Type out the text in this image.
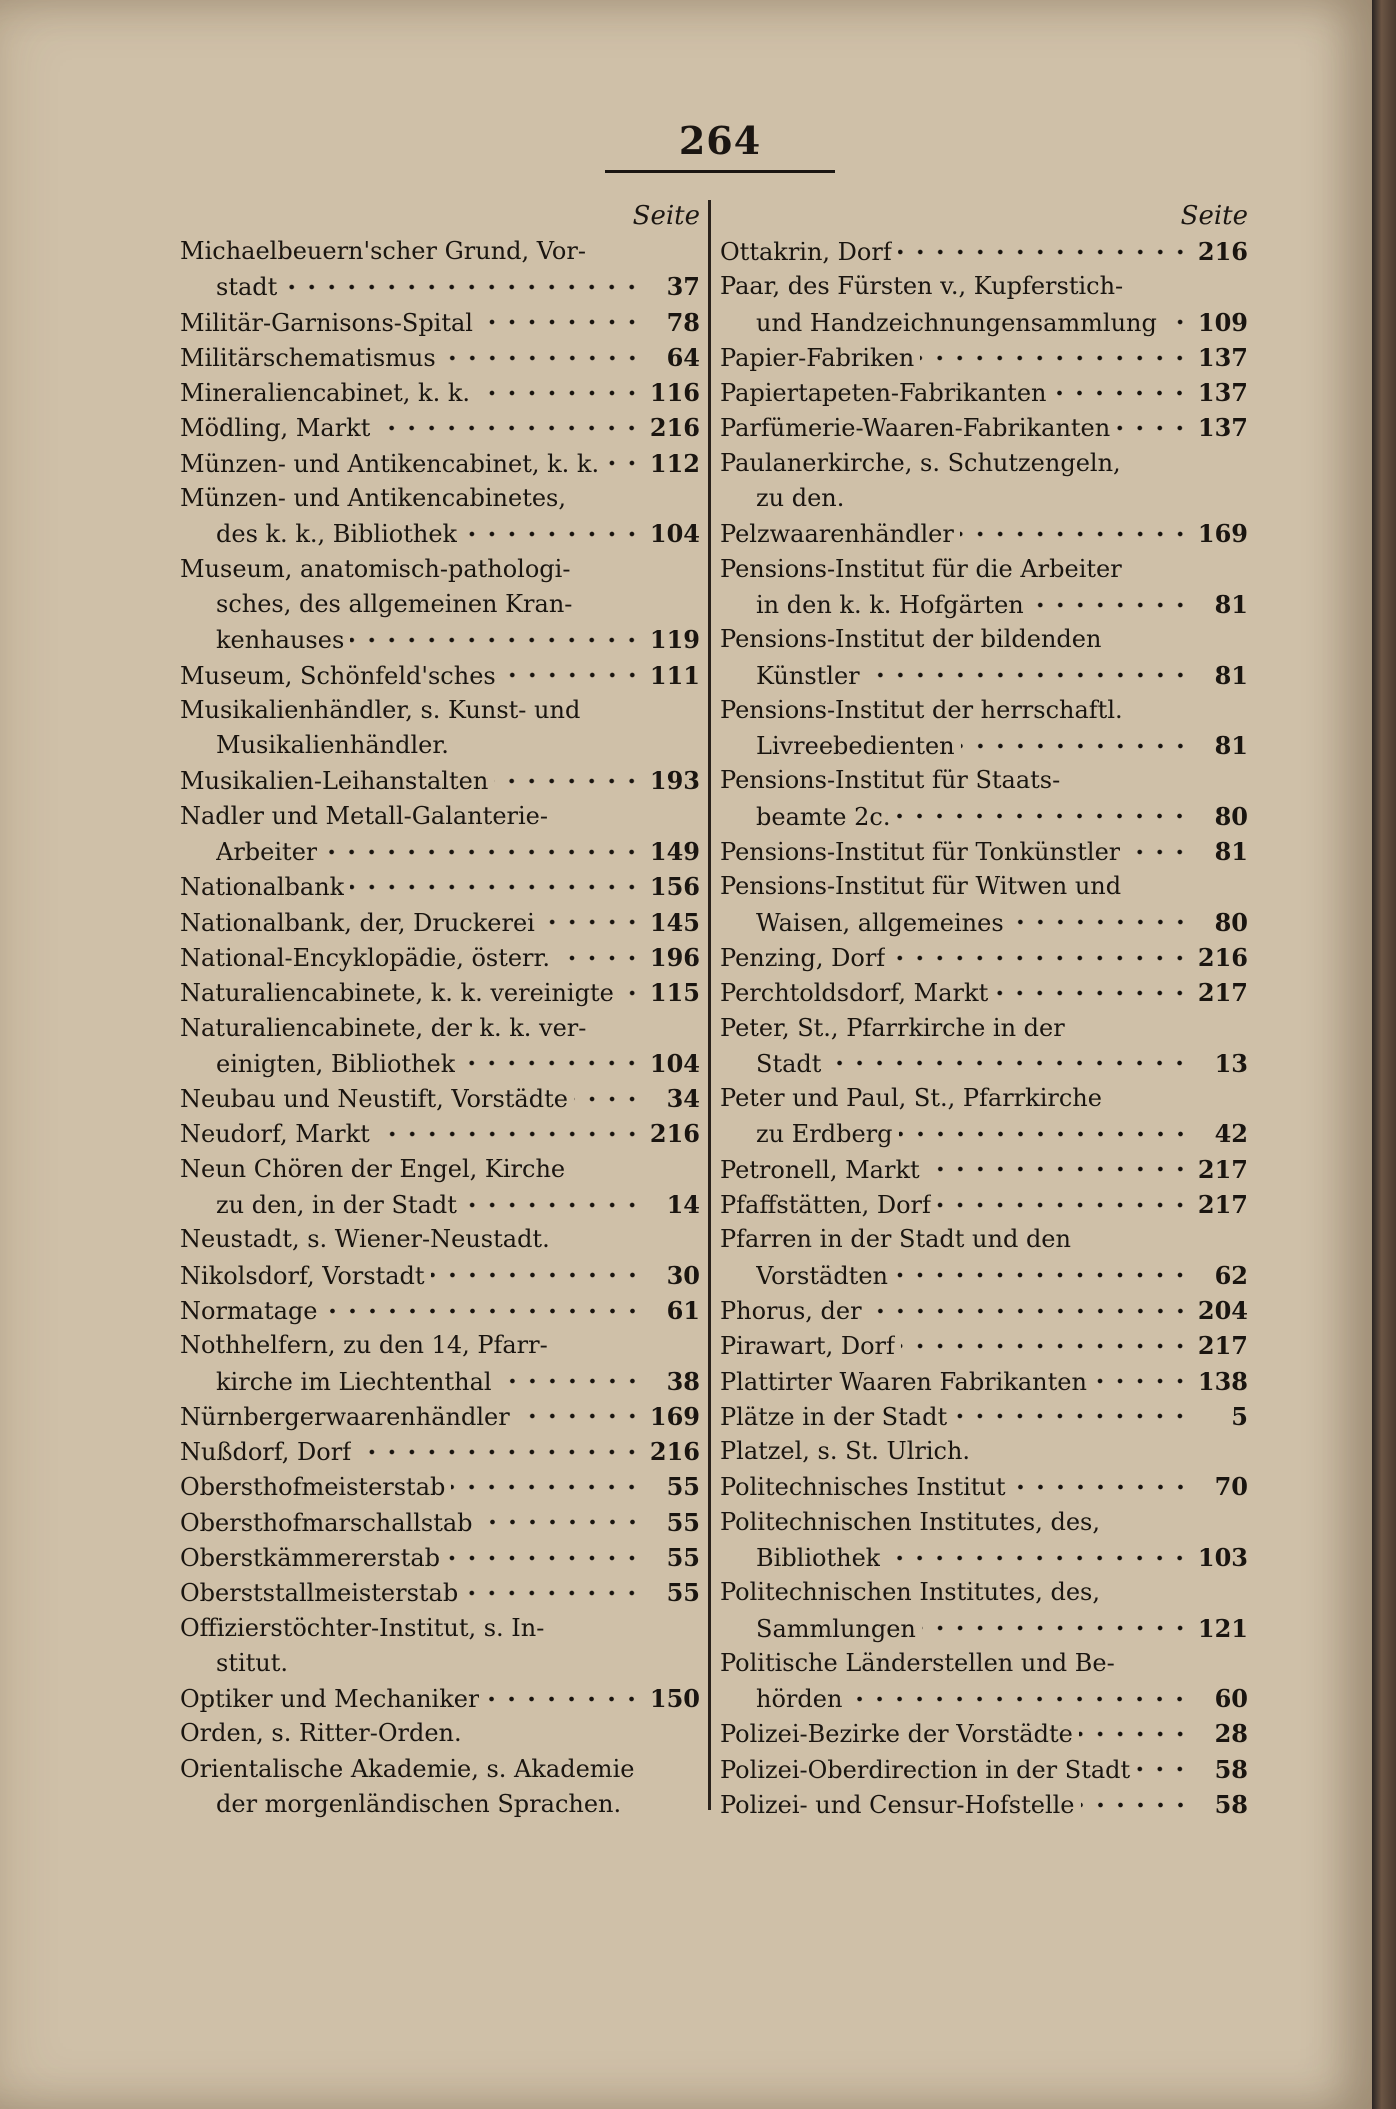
264
Seite
Michaelbeuern'scher Grund, Vor-
stadt	37
Militär-Garnisons-Spital	78
Militärschematismus	64
Mineraliencabinet, k. k.	116
Mödling, Markt	216
Münzen- und Antikencabinet, k. k. 112
Münzen- und Antikencabinetes,
des k. k., Bibliothek	104
Museum, anatomisch-pathologi-
sches, des allgemeinen Kran-
kenhauses	119
Museum, Schönfeld'sches	111
Musikalienhändler, s. Kunst- und
Musikalienhändler.
Musikalien-Leihanstalten	193
Nadler und Metall-Galanterie-
Arbeiter	149
Nationalbank	156
Nationalbank, der, Druckerei	145
National-Encyklopädie, österr.	196
Naturaliencabinete, k. k. vereinigte 115
Naturaliencabinete, der k. k. ver-
einigten, Bibliothek	104
Neubau und Neustift, Vorstädte	34
Neudorf, Markt	216
Neun Chören der Engel, Kirche
zu den, in der Stadt	14
Neustadt, s. Wiener-Neustadt.
Nikolsdorf, Vorstadt	30
Normatage	61
Nothhelfern, zu den 14, Pfarr-
kirche im Liechtenthal	38
Nürnbergerwaarenhändler	169
Nußdorf, Dorf	216
Obersthofmeisterstab	55
Obersthofmarschallstab	55
Oberstkämmererstab	55
Oberststallmeisterstab	55
Offizierstöchter-Institut, s. In-
stitut.
Optiker und Mechaniker	150
Orden, s. Ritter-Orden.
Orientalische Akademie, s. Akademie
der morgenländischen Sprachen.
Seite
Ottakrin, Dorf	216
Paar, des Fürsten v., Kupferstich-
und Handzeichnungensammlung 109
Papier-Fabriken	137
Papiertapeten-Fabrikanten	137
Parfümerie-Waaren-Fabrikanten	137
Paulanerkirche, s. Schutzengeln,
zu den.
Pelzwaarenhändler	169
Pensions-Institut für die Arbeiter
in den k. k. Hofgärten	81
Pensions-Institut der bildenden
Künstler	81
Pensions-Institut der herrschaftl.
Livreebedienten	81
Pensions-Institut für Staats-
beamte 2c.	80
Pensions-Institut für Tonkünstler	81
Pensions-Institut für Witwen und
Waisen, allgemeines	80
Penzing, Dorf	216
Perchtoldsdorf, Markt	217
Peter, St., Pfarrkirche in der
Stadt	13
Peter und Paul, St., Pfarrkirche
zu Erdberg	42
Petronell, Markt	217
Pfaffstätten, Dorf	217
Pfarren in der Stadt und den
Vorstädten	62
Phorus, der	204
Pirawart, Dorf	217
Plattirter Waaren Fabrikanten	138
Plätze in der Stadt	5
Platzel, s. St. Ulrich.
Politechnisches Institut	70
Politechnischen Institutes, des,
Bibliothek	103
Politechnischen Institutes, des,
Sammlungen	121
Politische Länderstellen und Be-
hörden	60
Polizei-Bezirke der Vorstädte	28
Polizei-Oberdirection in der Stadt	58
Polizei- und Censur-Hofstelle	58
